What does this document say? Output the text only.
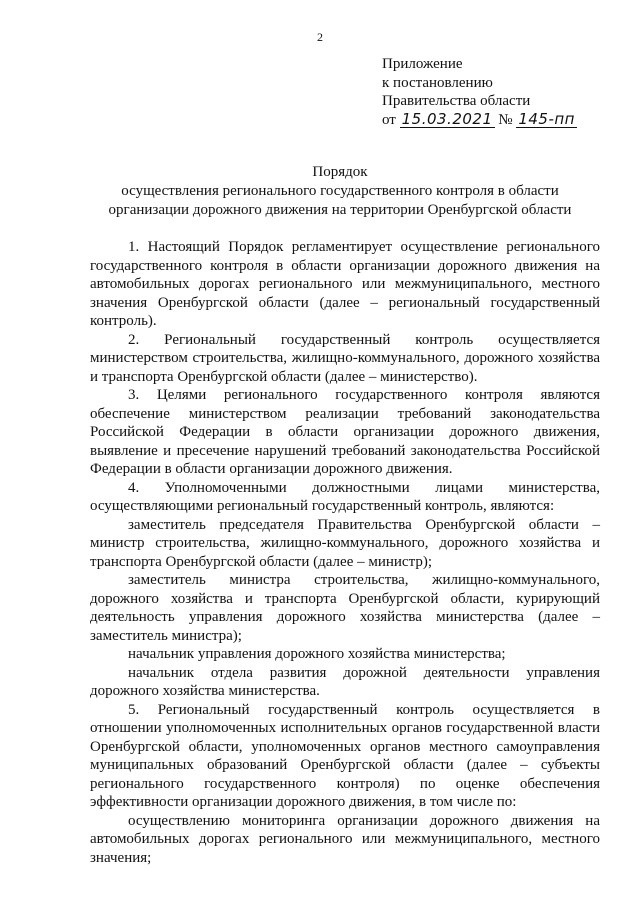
2
Приложение
к постановлению
Правительства области
от 15.03.2021 № 145-пп
Порядок
осуществления регионального государственного контроля в области
организации дорожного движения на территории Оренбургской области

1. Настоящий Порядок регламентирует осуществление регионального государственного контроля в области организации дорожного движения на автомобильных дорогах регионального или межмуниципального, местного значения Оренбургской области (далее – региональный государственный контроль).

2. Региональный государственный контроль осуществляется министерством строительства, жилищно-коммунального, дорожного хозяйства и транспорта Оренбургской области (далее – министерство).

3. Целями регионального государственного контроля являются обеспечение министерством реализации требований законодательства Российской Федерации в области организации дорожного движения, выявление и пресечение нарушений требований законодательства Российской Федерации в области организации дорожного движения.

4. Уполномоченными должностными лицами министерства, осуществляющими региональный государственный контроль, являются:

заместитель председателя Правительства Оренбургской области – министр строительства, жилищно-коммунального, дорожного хозяйства и транспорта Оренбургской области (далее – министр);

заместитель министра строительства, жилищно-коммунального, дорожного хозяйства и транспорта Оренбургской области, курирующий деятельность управления дорожного хозяйства министерства (далее – заместитель министра);

начальник управления дорожного хозяйства министерства;

начальник отдела развития дорожной деятельности управления дорожного хозяйства министерства.

5. Региональный государственный контроль осуществляется в отношении уполномоченных исполнительных органов государственной власти Оренбургской области, уполномоченных органов местного самоуправления муниципальных образований Оренбургской области (далее – субъекты регионального государственного контроля) по оценке обеспечения эффективности организации дорожного движения, в том числе по:

осуществлению мониторинга организации дорожного движения на автомобильных дорогах регионального или межмуниципального, местного значения;
